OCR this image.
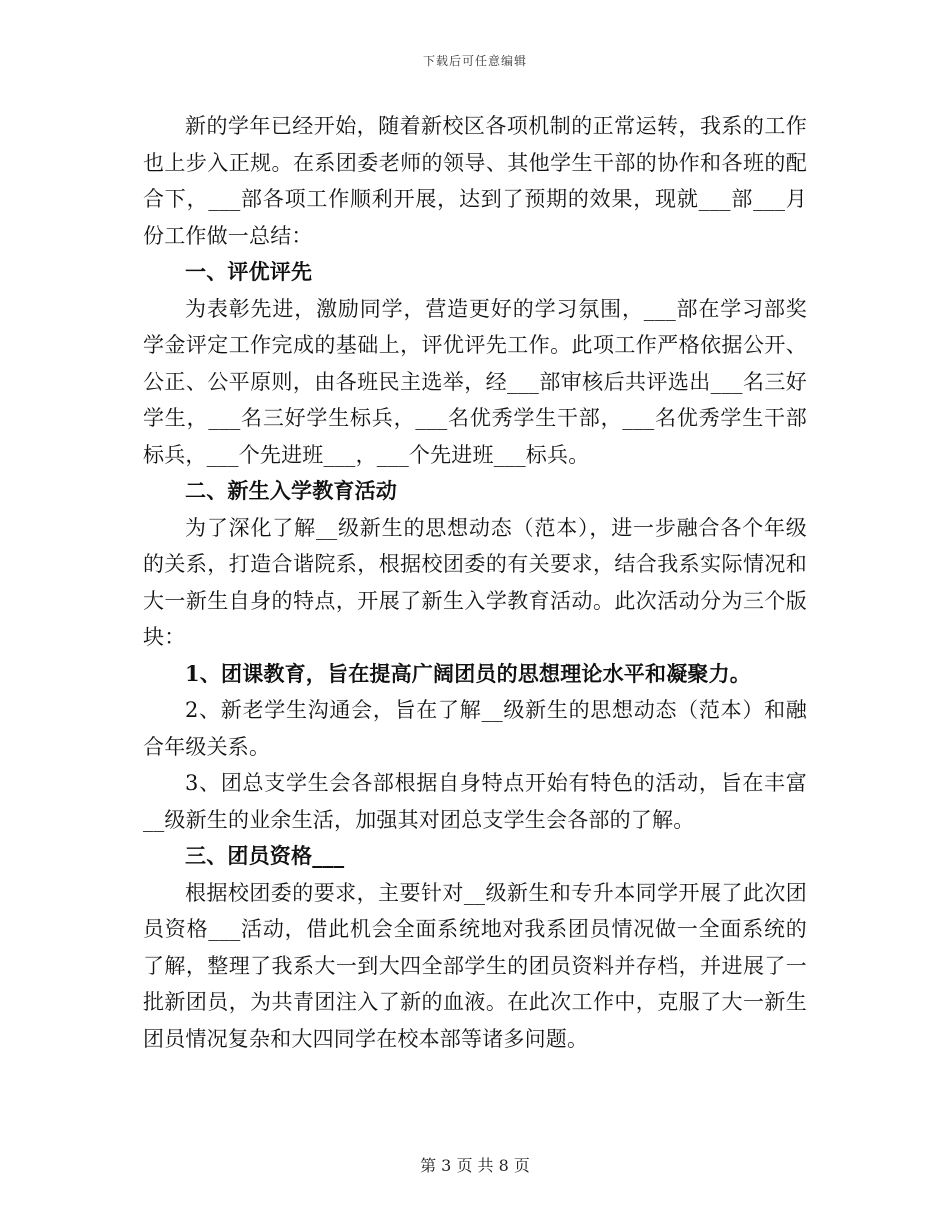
下载后可任意编辑

新的学年已经开始，随着新校区各项机制的正常运转，我系的工作也上步入正规。在系团委老师的领导、其他学生干部的协作和各班的配合下，___部各项工作顺利开展，达到了预期的效果，现就___部___月份工作做一总结：

一、评优评先

为表彰先进，激励同学，营造更好的学习氛围，___部在学习部奖学金评定工作完成的基础上，评优评先工作。此项工作严格依据公开、公正、公平原则，由各班民主选举，经___部审核后共评选出___名三好学生，___名三好学生标兵，___名优秀学生干部，___名优秀学生干部标兵，___个先进班___，___个先进班___标兵。

二、新生入学教育活动

为了深化了解__级新生的思想动态（范本），进一步融合各个年级的关系，打造合谐院系，根据校团委的有关要求，结合我系实际情况和大一新生自身的特点，开展了新生入学教育活动。此次活动分为三个版块：

1、团课教育，旨在提高广阔团员的思想理论水平和凝聚力。

2、新老学生沟通会，旨在了解__级新生的思想动态（范本）和融合年级关系。

3、团总支学生会各部根据自身特点开始有特色的活动，旨在丰富__级新生的业余生活，加强其对团总支学生会各部的了解。

三、团员资格___

根据校团委的要求，主要针对__级新生和专升本同学开展了此次团员资格___活动，借此机会全面系统地对我系团员情况做一全面系统的了解，整理了我系大一到大四全部学生的团员资料并存档，并进展了一批新团员，为共青团注入了新的血液。在此次工作中，克服了大一新生团员情况复杂和大四同学在校本部等诸多问题。

第 3 页 共 8 页
